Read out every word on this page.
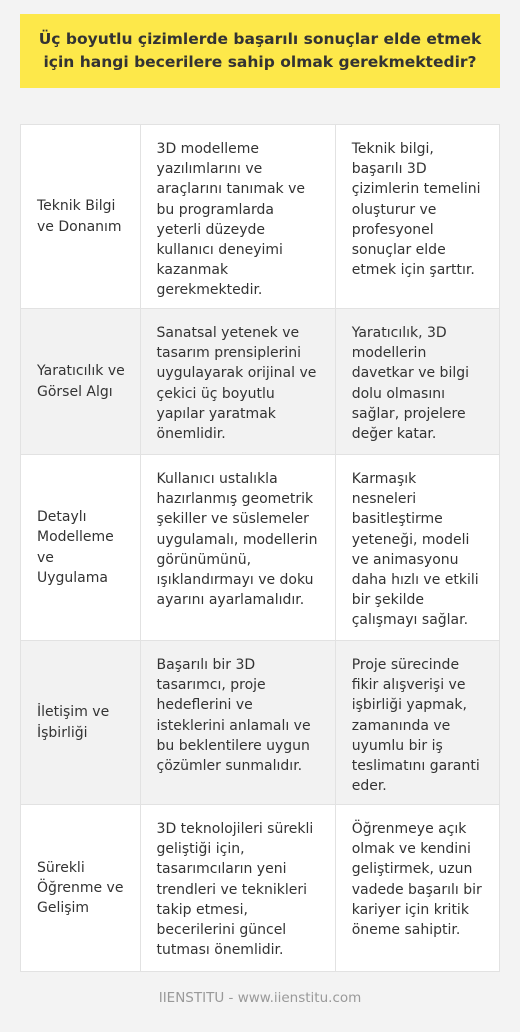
Üç boyutlu çizimlerde başarılı sonuçlar elde etmek için hangi becerilere sahip olmak gerekmektedir?
Teknik Bilgi ve Donanım
3D modelleme yazılımlarını ve araçlarını tanımak ve bu programlarda yeterli düzeyde kullanıcı deneyimi kazanmak gerekmektedir.
Teknik bilgi, başarılı 3D çizimlerin temelini oluşturur ve profesyonel sonuçlar elde etmek için şarttır.
Yaratıcılık ve Görsel Algı
Sanatsal yetenek ve tasarım prensiplerini uygulayarak orijinal ve çekici üç boyutlu yapılar yaratmak önemlidir.
Yaratıcılık, 3D modellerin davetkar ve bilgi dolu olmasını sağlar, projelere değer katar.
Detaylı Modelleme ve Uygulama
Kullanıcı ustalıkla hazırlanmış geometrik şekiller ve süslemeler uygulamalı, modellerin görünümünü, ışıklandırmayı ve doku ayarını ayarlamalıdır.
Karmaşık nesneleri basitleştirme yeteneği, modeli ve animasyonu daha hızlı ve etkili bir şekilde çalışmayı sağlar.
İletişim ve İşbirliği
Başarılı bir 3D tasarımcı, proje hedeflerini ve isteklerini anlamalı ve bu beklentilere uygun çözümler sunmalıdır.
Proje sürecinde fikir alışverişi ve işbirliği yapmak, zamanında ve uyumlu bir iş teslimatını garanti eder.
Sürekli Öğrenme ve Gelişim
3D teknolojileri sürekli geliştiği için, tasarımcıların yeni trendleri ve teknikleri takip etmesi, becerilerini güncel tutması önemlidir.
Öğrenmeye açık olmak ve kendini geliştirmek, uzun vadede başarılı bir kariyer için kritik öneme sahiptir.
IIENSTITU - www.iienstitu.com
